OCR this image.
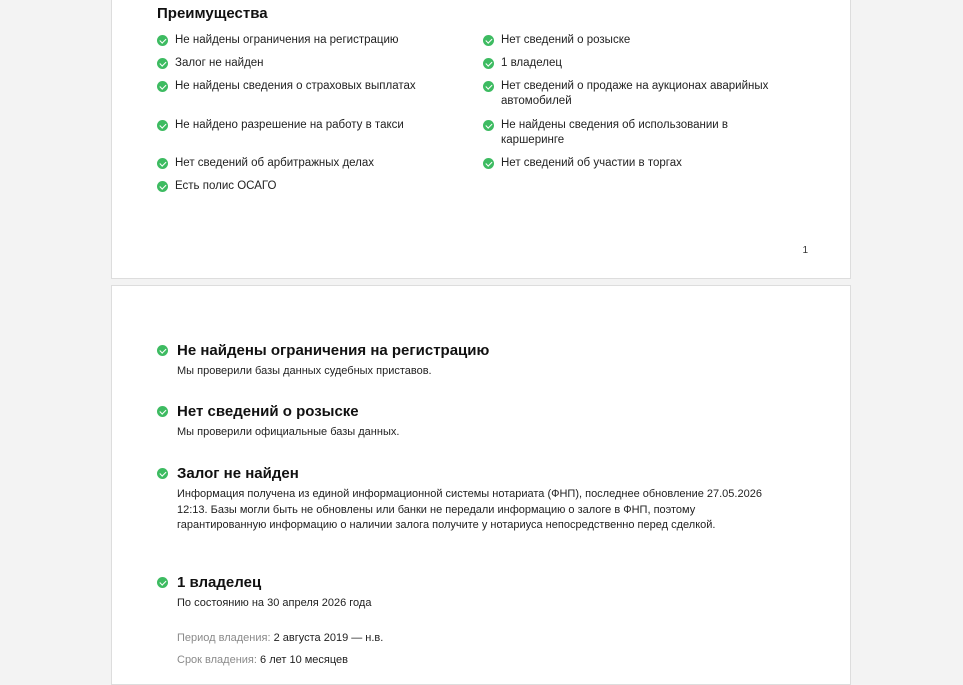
Преимущества
Не найдены ограничения на регистрацию
Залог не найден
Не найдены сведения о страховых выплатах
Не найдено разрешение на работу в такси
Нет сведений об арбитражных делах
Есть полис ОСАГО
Нет сведений о розыске
1 владелец
Нет сведений о продаже на аукционах аварийных автомобилей
Не найдены сведения об использовании в каршеринге
Нет сведений об участии в торгах
1
Не найдены ограничения на регистрацию
Мы проверили базы данных судебных приставов.
Нет сведений о розыске
Мы проверили официальные базы данных.
Залог не найден
Информация получена из единой информационной системы нотариата (ФНП), последнее обновление 27.05.2026 12:13. Базы могли быть не обновлены или банки не передали информацию о залоге в ФНП, поэтому гарантированную информацию о наличии залога получите у нотариуса непосредственно перед сделкой.
1 владелец
По состоянию на 30 апреля 2026 года
Период владения: 2 августа 2019 — н.в.
Срок владения: 6 лет 10 месяцев
